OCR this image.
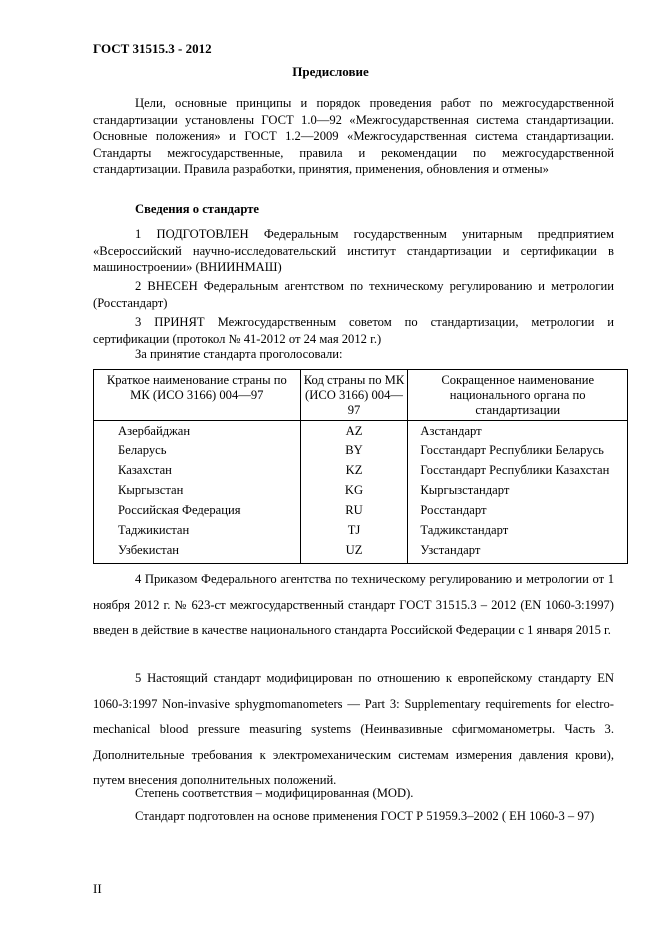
ГОСТ 31515.3 - 2012
Предисловие

Цели, основные принципы и порядок проведения работ по межгосударственной стандартизации установлены ГОСТ 1.0—92 «Межгосударственная система стандартизации. Основные положения» и ГОСТ 1.2—2009 «Межгосударственная система стандартизации. Стандарты межгосударственные, правила и рекомендации по межгосударственной стандартизации. Правила разработки, принятия, применения, обновления и отмены»

Сведения о стандарте

1 ПОДГОТОВЛЕН Федеральным государственным унитарным предприятием «Всероссийский научно-исследовательский институт стандартизации и сертификации в машиностроении» (ВНИИНМАШ)

2 ВНЕСЕН Федеральным агентством по техническому регулированию и метрологии (Росстандарт)

3 ПРИНЯТ Межгосударственным советом по стандартизации, метрологии и сертификации (протокол № 41-2012 от 24 мая 2012 г.)

За принятие стандарта проголосовали:
Краткое наименование страны по МК (ИСО 3166) 004—97	Код страны по МК (ИСО 3166) 004—97	Сокращенное наименование национального органа по стандартизации
Азербайджан	AZ	Азстандарт
Беларусь	BY	Госстандарт Республики Беларусь
Казахстан	KZ	Госстандарт Республики Казахстан
Кыргызстан	KG	Кыргызстандарт
Российская Федерация	RU	Росстандарт
Таджикистан	TJ	Таджикстандарт
Узбекистан	UZ	Узстандарт

4 Приказом Федерального агентства по техническому регулированию и метрологии от 1 ноября 2012 г. № 623-ст межгосударственный стандарт ГОСТ 31515.3 – 2012 (EN 1060-3:1997) введен в действие в качестве национального стандарта Российской Федерации с 1 января 2015 г.

5 Настоящий стандарт модифицирован по отношению к европейскому стандарту EN 1060-3:1997 Non-invasive sphygmomanometers — Part 3: Supplementary requirements for electro-mechanical blood pressure measuring systems (Неинвазивные сфигмоманометры. Часть 3. Дополнительные требования к электромеханическим системам измерения давления крови), путем внесения дополнительных положений.

Степень соответствия – модифицированная (MOD).

Стандарт подготовлен на основе применения ГОСТ Р 51959.3–2002 ( ЕН 1060-3 – 97)

II
